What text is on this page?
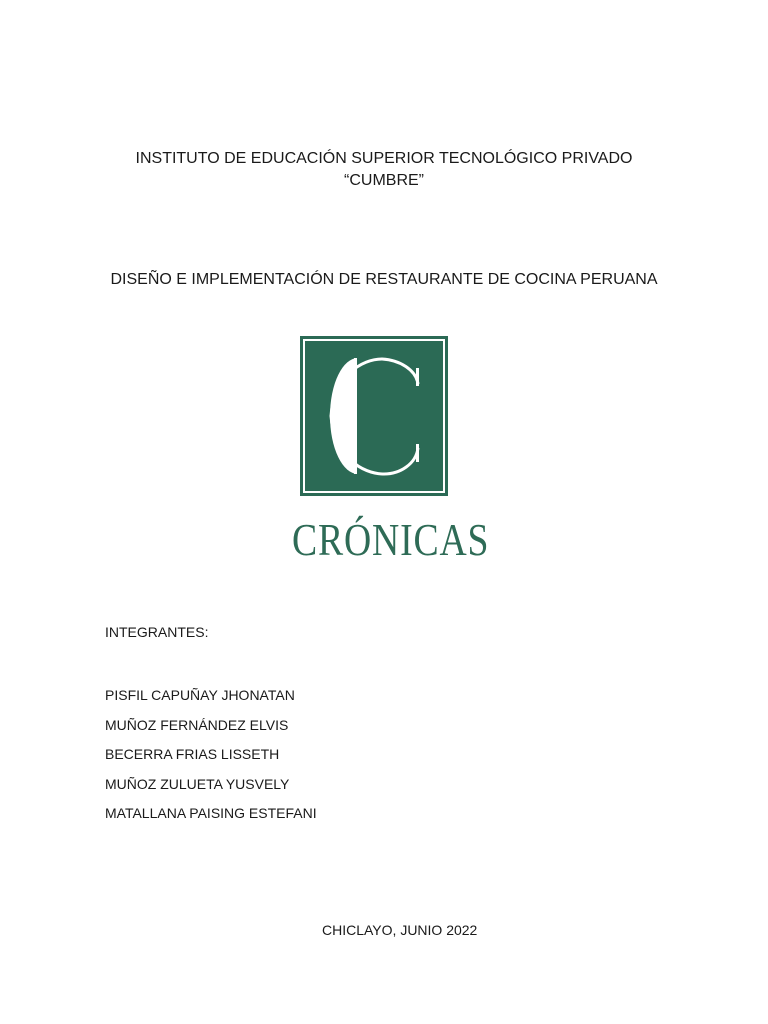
INSTITUTO DE EDUCACIÓN SUPERIOR TECNOLÓGICO PRIVADO
“CUMBRE”
DISEÑO E IMPLEMENTACIÓN DE RESTAURANTE DE COCINA PERUANA
CRÓNICAS
INTEGRANTES:
PISFIL CAPUÑAY JHONATAN
MUÑOZ FERNÁNDEZ ELVIS
BECERRA FRIAS LISSETH
MUÑOZ ZULUETA YUSVELY
MATALLANA PAISING ESTEFANI
CHICLAYO, JUNIO 2022
